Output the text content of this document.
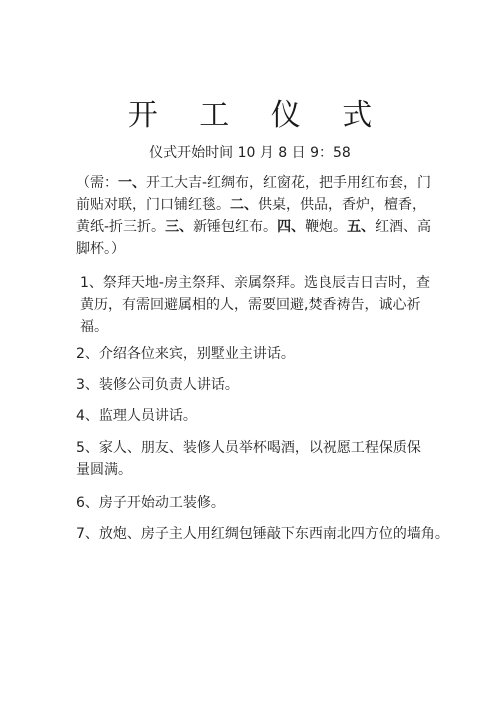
开 工 仪 式
仪式开始时间 10 月 8 日 9：58
（需：一、开工大吉-红绸布，红窗花，把手用红布套，门前贴对联，门口铺红毯。二、供桌，供品，香炉，檀香，黄纸-折三折。三、新锤包红布。四、鞭炮。五、红酒、高脚杯。）
1、祭拜天地-房主祭拜、亲属祭拜。选良辰吉日吉时，查黄历，有需回避属相的人，需要回避,焚香祷告，诚心祈福。
2、介绍各位来宾，别墅业主讲话。
3、装修公司负责人讲话。
4、监理人员讲话。
5、家人、朋友、装修人员举杯喝酒，以祝愿工程保质保量圆满。
6、房子开始动工装修。
7、放炮、房子主人用红绸包锤敲下东西南北四方位的墙角。
